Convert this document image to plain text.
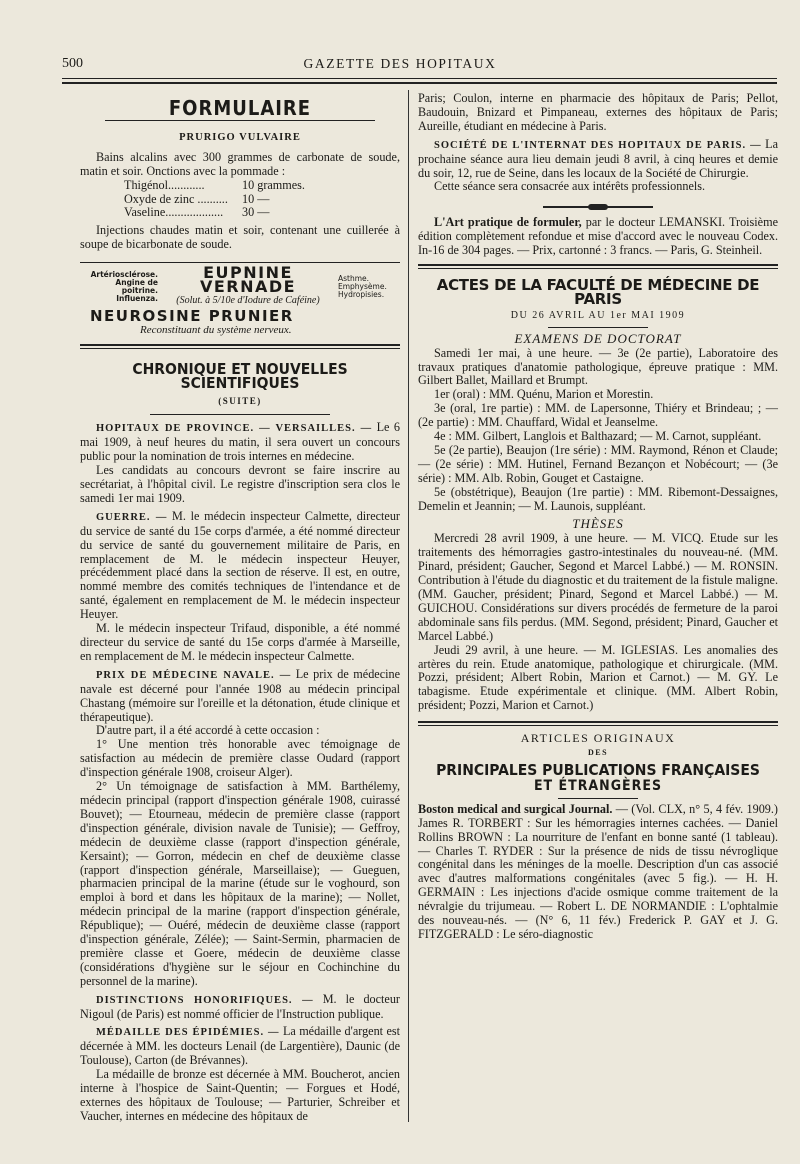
500	GAZETTE DES HOPITAUX
FORMULAIRE
PRURIGO VULVAIRE

Bains alcalins avec 300 grammes de carbonate de soude, matin et soir. Onctions avec la pommade :

Thigénol............	10 grammes.
Oxyde de zinc ..........	10 —
Vaseline...................	30 —

Injections chaudes matin et soir, contenant une cuillerée à soupe de bicarbonate de soude.

Artériosclérose.
Angine de poitrine.
Influenza.
EUPNINE VERNADE
(Solut. à 5/10e d'Iodure de Caféine)
Asthme.
Emphysème.
Hydropisies.
NEUROSINE PRUNIER
Reconstituant du système nerveux.
CHRONIQUE ET NOUVELLES SCIENTIFIQUES
(SUITE)

HOPITAUX DE PROVINCE. — VERSAILLES. — Le 6 mai 1909, à neuf heures du matin, il sera ouvert un concours public pour la nomination de trois internes en médecine.

Les candidats au concours devront se faire inscrire au secrétariat, à l'hôpital civil. Le registre d'inscription sera clos le samedi 1er mai 1909.

GUERRE. — M. le médecin inspecteur Calmette, directeur du service de santé du 15e corps d'armée, a été nommé directeur du service de santé du gouvernement militaire de Paris, en remplacement de M. le médecin inspecteur Heuyer, précédemment placé dans la section de réserve. Il est, en outre, nommé membre des comités techniques de l'intendance et de santé, également en remplacement de M. le médecin inspecteur Heuyer.

M. le médecin inspecteur Trifaud, disponible, a été nommé directeur du service de santé du 15e corps d'armée à Marseille, en remplacement de M. le médecin inspecteur Calmette.

PRIX DE MÉDECINE NAVALE. — Le prix de médecine navale est décerné pour l'année 1908 au médecin principal Chastang (mémoire sur l'oreille et la détonation, étude clinique et thérapeutique).

D'autre part, il a été accordé à cette occasion :

1° Une mention très honorable avec témoignage de satisfaction au médecin de première classe Oudard (rapport d'inspection générale 1908, croiseur Alger).

2° Un témoignage de satisfaction à MM. Barthélemy, médecin principal (rapport d'inspection générale 1908, cuirassé Bouvet); — Etourneau, médecin de première classe (rapport d'inspection générale, division navale de Tunisie); — Geffroy, médecin de deuxième classe (rapport d'inspection générale, Kersaint); — Gorron, médecin en chef de deuxième classe (rapport d'inspection générale, Marseillaise); — Gueguen, pharmacien principal de la marine (étude sur le voghourd, son emploi à bord et dans les hôpitaux de la marine); — Nollet, médecin principal de la marine (rapport d'inspection générale, République); — Ouéré, médecin de deuxième classe (rapport d'inspection générale, Zélée); — Saint-Sermin, pharmacien de première classe et Goere, médecin de deuxième classe (considérations d'hygiène sur le séjour en Cochinchine du personnel de la marine).

DISTINCTIONS HONORIFIQUES. — M. le docteur Nigoul (de Paris) est nommé officier de l'Instruction publique.

MÉDAILLE DES ÉPIDÉMIES. — La médaille d'argent est décernée à MM. les docteurs Lenail (de Largentière), Daunic (de Toulouse), Carton (de Brévannes).

La médaille de bronze est décernée à MM. Boucherot, ancien interne à l'hospice de Saint-Quentin; — Forgues et Hodé, externes des hôpitaux de Toulouse; — Parturier, Schreiber et Vaucher, internes en médecine des hôpitaux de

Paris; Coulon, interne en pharmacie des hôpitaux de Paris; Pellot, Baudouin, Bnizard et Pimpaneau, externes des hôpitaux de Paris; Aureille, étudiant en médecine à Paris.

SOCIÉTÉ DE L'INTERNAT DES HOPITAUX DE PARIS. — La prochaine séance aura lieu demain jeudi 8 avril, à cinq heures et demie du soir, 12, rue de Seine, dans les locaux de la Société de Chirurgie.

Cette séance sera consacrée aux intérêts professionnels.

L'Art pratique de formuler, par le docteur LEMANSKI. Troisième édition complètement refondue et mise d'accord avec le nouveau Codex. In-16 de 304 pages. — Prix, cartonné : 3 francs. — Paris, G. Steinheil.

ACTES DE LA FACULTÉ DE MÉDECINE DE PARIS
DU 26 AVRIL AU 1er MAI 1909
EXAMENS DE DOCTORAT

Samedi 1er mai, à une heure. — 3e (2e partie), Laboratoire des travaux pratiques d'anatomie pathologique, épreuve pratique : MM. Gilbert Ballet, Maillard et Brumpt.

1er (oral) : MM. Quénu, Marion et Morestin.

3e (oral, 1re partie) : MM. de Lapersonne, Thiéry et Brindeau; ; — (2e partie) : MM. Chauffard, Widal et Jeanselme.

4e : MM. Gilbert, Langlois et Balthazard; — M. Carnot, suppléant.

5e (2e partie), Beaujon (1re série) : MM. Raymond, Rénon et Claude; — (2e série) : MM. Hutinel, Fernand Bezançon et Nobécourt; — (3e série) : MM. Alb. Robin, Gouget et Castaigne.

5e (obstétrique), Beaujon (1re partie) : MM. Ribemont-Dessaignes, Demelin et Jeannin; — M. Launois, suppléant.

THÈSES

Mercredi 28 avril 1909, à une heure. — M. VICQ. Etude sur les traitements des hémorragies gastro-intestinales du nouveau-né. (MM. Pinard, président; Gaucher, Segond et Marcel Labbé.) — M. RONSIN. Contribution à l'étude du diagnostic et du traitement de la fistule maligne. (MM. Gaucher, président; Pinard, Segond et Marcel Labbé.) — M. GUICHOU. Considérations sur divers procédés de fermeture de la paroi abdominale sans fils perdus. (MM. Segond, président; Pinard, Gaucher et Marcel Labbé.)

Jeudi 29 avril, à une heure. — M. IGLESIAS. Les anomalies des artères du rein. Etude anatomique, pathologique et chirurgicale. (MM. Pozzi, président; Albert Robin, Marion et Carnot.) — M. GY. Le tabagisme. Etude expérimentale et clinique. (MM. Albert Robin, président; Pozzi, Marion et Carnot.)

ARTICLES ORIGINAUX
DES
PRINCIPALES PUBLICATIONS FRANÇAISES
ET ÉTRANGÈRES

Boston medical and surgical Journal. — (Vol. CLX, n° 5, 4 fév. 1909.) James R. TORBERT : Sur les hémorragies internes cachées. — Daniel Rollins BROWN : La nourriture de l'enfant en bonne santé (1 tableau). — Charles T. RYDER : Sur la présence de nids de tissu névroglique congénital dans les méninges de la moelle. Description d'un cas associé avec d'autres malformations congénitales (avec 5 fig.). — H. H. GERMAIN : Les injections d'acide osmique comme traitement de la névralgie du trijumeau. — Robert L. DE NORMANDIE : L'ophtalmie des nouveau-nés. — (N° 6, 11 fév.) Frederick P. GAY et J. G. FITZGERALD : Le séro-diagnostic
